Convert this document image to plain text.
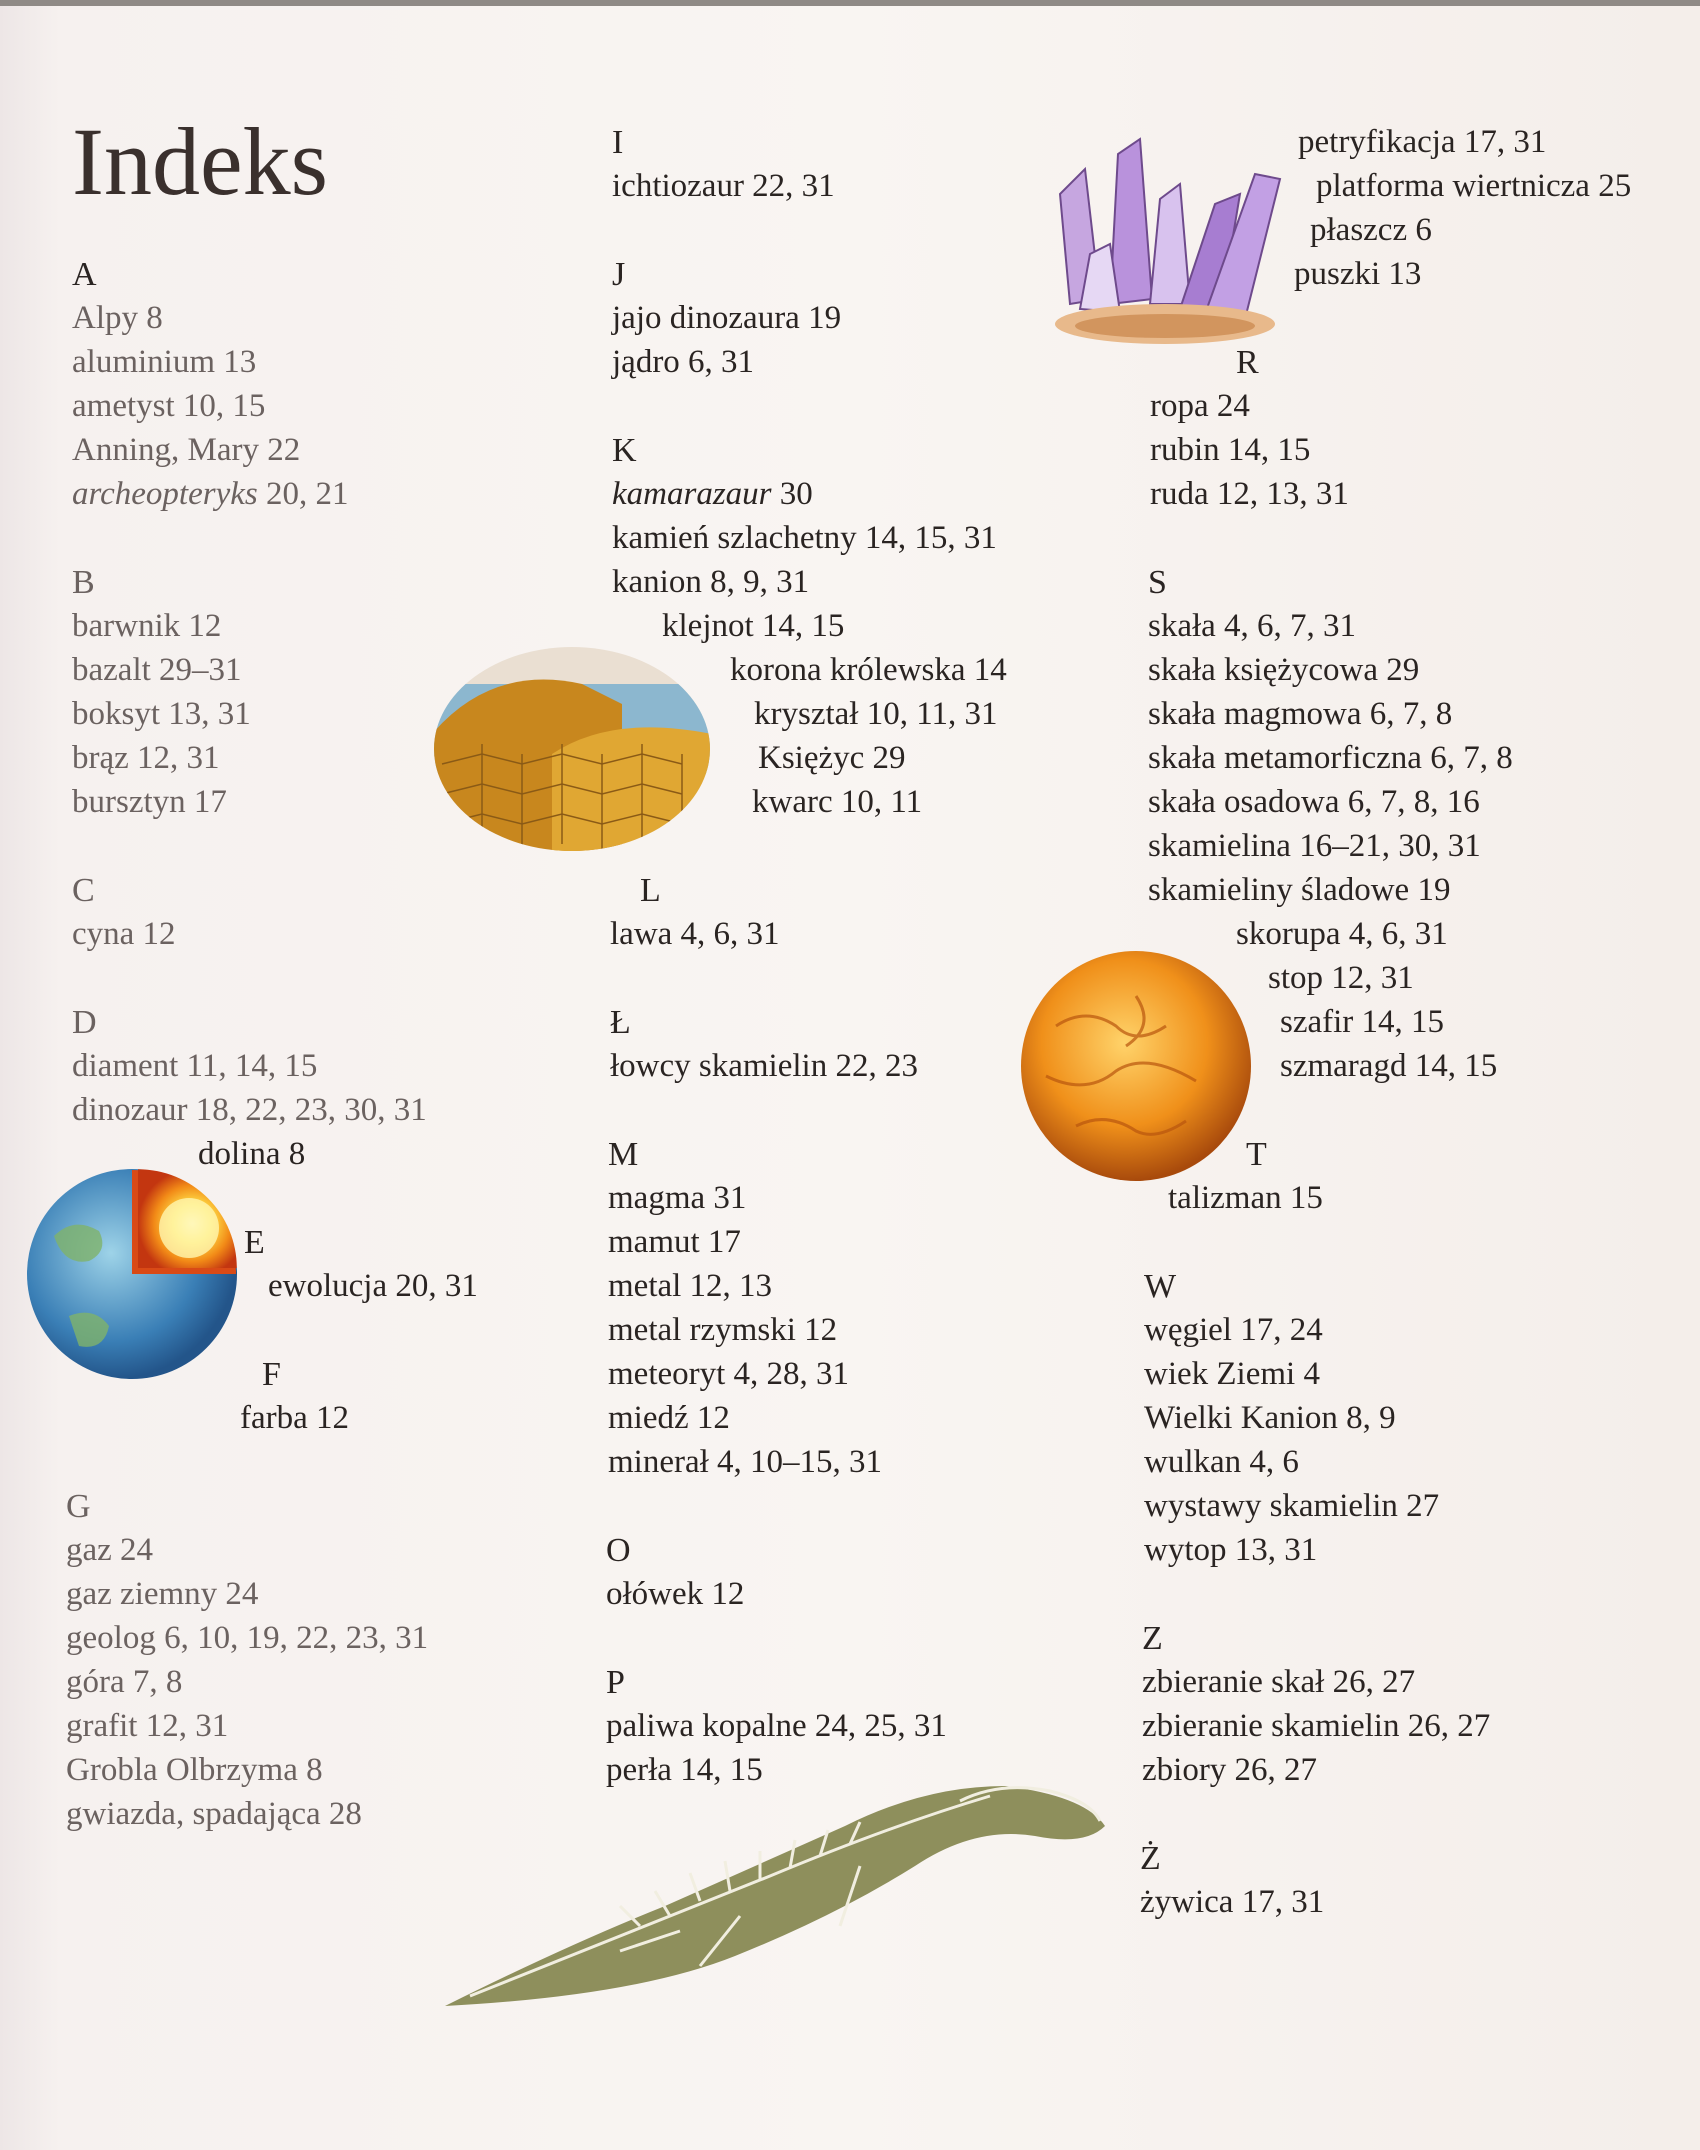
Indeks
A
Alpy 8
aluminium 13
ametyst 10, 15
Anning, Mary 22
archeopteryks 20, 21
B
barwnik 12
bazalt 29–31
boksyt 13, 31
brąz 12, 31
bursztyn 17
C
cyna 12
D
diament 11, 14, 15
dinozaur 18, 22, 23, 30, 31
dolina 8
E
ewolucja 20, 31
F
farba 12
G
gaz 24
gaz ziemny 24
geolog 6, 10, 19, 22, 23, 31
góra 7, 8
grafit 12, 31
Grobla Olbrzyma 8
gwiazda, spadająca 28
I
ichtiozaur 22, 31
J
jajo dinozaura 19
jądro 6, 31
K
kamarazaur 30
kamień szlachetny 14, 15, 31
kanion 8, 9, 31
klejnot 14, 15
korona królewska 14
kryształ 10, 11, 31
Księżyc 29
kwarc 10, 11
L
lawa 4, 6, 31
Ł
łowcy skamielin 22, 23
M
magma 31
mamut 17
metal 12, 13
metal rzymski 12
meteoryt 4, 28, 31
miedź 12
minerał 4, 10–15, 31
O
ołówek 12
P
paliwa kopalne 24, 25, 31
perła 14, 15
petryfikacja 17, 31
platforma wiertnicza 25
płaszcz 6
puszki 13
R
ropa 24
rubin 14, 15
ruda 12, 13, 31
S
skała 4, 6, 7, 31
skała księżycowa 29
skała magmowa 6, 7, 8
skała metamorficzna 6, 7, 8
skała osadowa 6, 7, 8, 16
skamielina 16–21, 30, 31
skamieliny śladowe 19
skorupa 4, 6, 31
stop 12, 31
szafir 14, 15
szmaragd 14, 15
T
talizman 15
W
węgiel 17, 24
wiek Ziemi 4
Wielki Kanion 8, 9
wulkan 4, 6
wystawy skamielin 27
wytop 13, 31
Z
zbieranie skał 26, 27
zbieranie skamielin 26, 27
zbiory 26, 27
Ż
żywica 17, 31
